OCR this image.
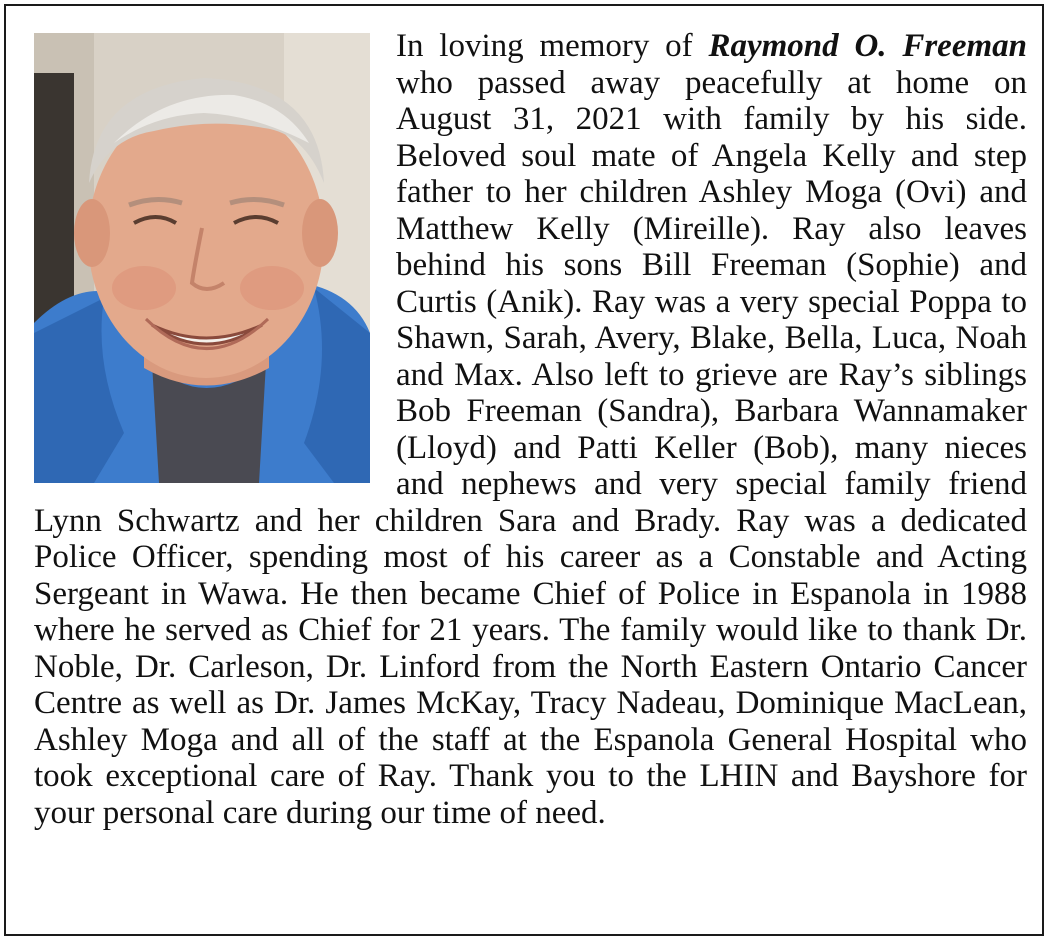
In loving memory of Raymond O. Freeman who passed away peacefully at home on August 31, 2021 with family by his side. Beloved soul mate of Angela Kelly and step father to her children Ashley Moga (Ovi) and Matthew Kelly (Mireille). Ray also leaves behind his sons Bill Freeman (Sophie) and Curtis (Anik). Ray was a very special Poppa to Shawn, Sarah, Avery, Blake, Bella, Luca, Noah and Max. Also left to grieve are Ray’s siblings Bob Freeman (Sandra), Barbara Wannamaker (Lloyd) and Patti Keller (Bob), many nieces and nephews and very special family friend Lynn Schwartz and her children Sara and Brady. Ray was a dedicated Police Officer, spending most of his career as a Constable and Acting Sergeant in Wawa. He then became Chief of Police in Espanola in 1988 where he served as Chief for 21 years. The family would like to thank Dr. Noble, Dr. Carleson, Dr. Linford from the North Eastern Ontario Cancer Centre as well as Dr. James McKay, Tracy Nadeau, Dominique MacLean, Ashley Moga and all of the staff at the Espanola General Hospital who took exceptional care of Ray. Thank you to the LHIN and Bayshore for your personal care during our time of need.
